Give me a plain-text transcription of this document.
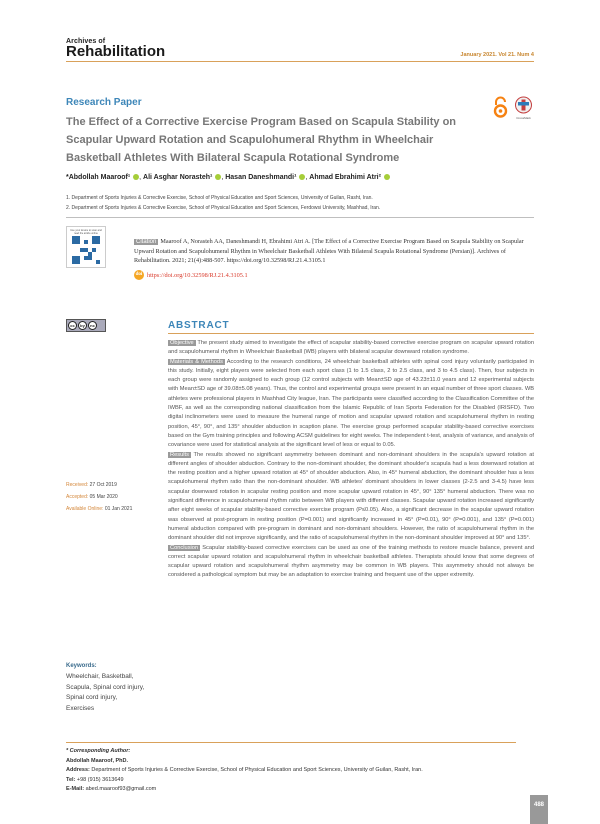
Archives of
Rehabilitation	January 2021. Vol 21. Num 4
Research Paper
The Effect of a Corrective Exercise Program Based on Scapula Stability on Scapular Upward Rotation and Scapulohumeral Rhythm in Wheelchair Basketball Athletes With Bilateral Scapula Rotational Syndrome
CrossMark
*Abdollah Maaroof¹ , Ali Asghar Norasteh¹ , Hasan Daneshmandi¹ , Ahmad Ebrahimi Atri²
1. Department of Sports Injuries & Corrective Exercise, School of Physical Education and Sport Sciences, University of Guilan, Rasht, Iran.
2. Department of Sports Injuries & Corrective Exercise, School of Physical Education and Sport Sciences, Ferdowsi University, Mashhad, Iran.
Use your device to scan and read the article online
Citation Maaroof A, Norasteh AA, Daneshmandi H, Ebrahimi Atri A. [The Effect of a Corrective Exercise Program Based on Scapula Stability on Scapular Upward Rotation and Scapulohumeral Rhythm in Wheelchair Basketball Athletes With Bilateral Scapula Rotational Syndrome (Persian)]. Archives of Rehabilitation. 2021; 21(4):488-507. https://doi.org/10.32598/RJ.21.4.3105.1
doi https://doi.org/10.32598/RJ.21.4.3105.1
cc	by	nc
Received: 27 Oct 2019
Accepted: 05 Mar 2020
Available Online: 01 Jan 2021
Keywords:
Wheelchair, Basketball, Scapula, Spinal cord injury, Spinal cord injury, Exercises
ABSTRACT

Objective The present study aimed to investigate the effect of scapular stability-based corrective exercise program on scapular upward rotation and scapulohumeral rhythm in Wheelchair Basketball (WB) players with bilateral scapular downward rotation syndrome.

Materials & Methods According to the research conditions, 24 wheelchair basketball athletes with spinal cord injury voluntarily participated in this study. Initially, eight players were selected from each sport class (1 to 1.5 class, 2 to 2.5 class, and 3 to 4.5 class). Then, four subjects in each group were randomly assigned to each group (12 control subjects with Mean±SD age of 43.23±11.0 years and 12 experimental subjects with Mean±SD age of 39.08±5.08 years). Thus, the control and experimental groups were present in an equal number of three sport classes. WB athletes were professional players in Mashhad City league, Iran. The participants were classified according to the Classification Committee of the IWBF, as well as the corresponding national classification from the Islamic Republic of Iran Sports Federation for the Disabled (IRISFD). Two digital inclinometers were used to measure the humeral range of motion and scapular upward rotation and scapulohumeral rhythm in resting position, 45°, 90°, and 135° shoulder abduction in scaption plane. The exercise group performed scapular stability-based corrective exercises based on the Gym training principles and following ACSM guidelines for eight weeks. The independent t-test, analysis of variance, and analysis of covariance were used for statistical analysis at the significant level of less or equal to 0.05.

Results The results showed no significant asymmetry between dominant and non-dominant shoulders in the scapula's upward rotation at different angles of shoulder abduction. Contrary to the non-dominant shoulder, the dominant shoulder's scapula had a less downward rotation at the resting position and a higher upward rotation at 45° of shoulder abduction. Also, in 45° humeral abduction, the dominant shoulder has a less scapulohumeral rhythm ratio than the non-dominant shoulder. WB athletes' dominant shoulders in lower classes (2-2.5 and 3-4.5) have less scapular downward rotation in scapular resting position and more scapular upward rotation in 45°, 90° 135° humeral abduction. There was no significant difference in scapulohumeral rhythm ratio between WB players with different classes. Scapular upward rotation increased significantly after eight weeks of scapular stability-based corrective exercise program (P≤0.05). Also, a significant decrease in the scapular upward rotation was observed at post-program in resting position (P=0.001) and significantly increased in 45° (P=0.01), 90° (P=0.001), and 135° (P=0.001) humeral abduction compared with pre-program in dominant and non-dominant shoulders. However, the ratio of scapulohumeral rhythm in the dominant shoulder did not improve significantly, and the ratio of scapulohumeral rhythm in the non-dominant shoulder improved at 90° and 135°.

Conclusion Scapular stability-based corrective exercises can be used as one of the training methods to restore muscle balance, prevent and correct scapular upward rotation and scapulohumeral rhythm in wheelchair basketball athletes. Therapists should know that some degrees of scapular upward rotation and scapulohumeral rhythm asymmetry may be common in WB players. This asymmetry should not always be considered a pathological symptom but may be an adaptation to exercise training and frequent use of the upper extremity.

* Corresponding Author:
Abdollah Maaroof, PhD.
Address: Department of Sports Injuries & Corrective Exercise, School of Physical Education and Sport Sciences, University of Guilan, Rasht, Iran.
Tel: +98 (915) 3613649
E-Mail: abed.maaroof93@gmail.com
488
